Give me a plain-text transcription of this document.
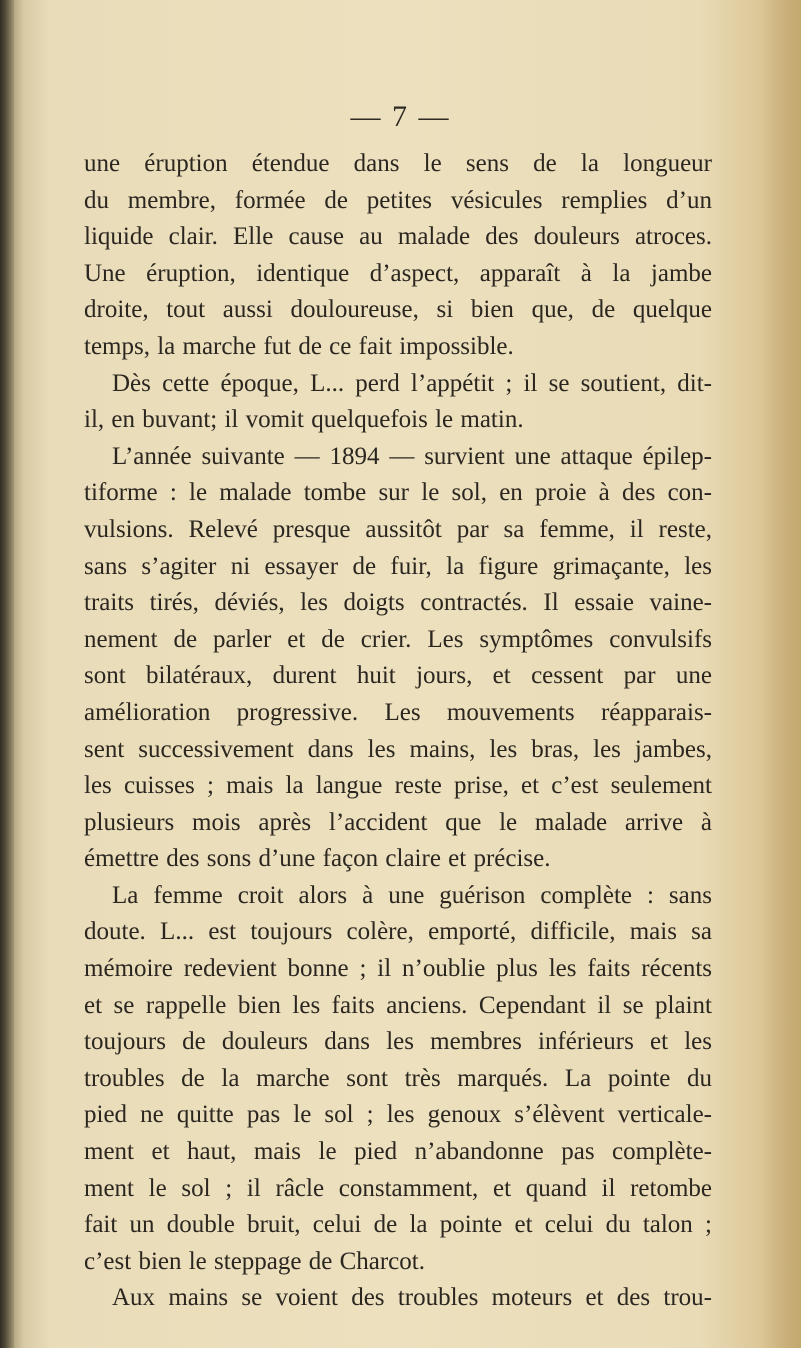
— 7 —
une éruption étendue dans le sens de la longueur
du membre, formée de petites vésicules remplies d’un
liquide clair. Elle cause au malade des douleurs atroces.
Une éruption, identique d’aspect, apparaît à la jambe
droite, tout aussi douloureuse, si bien que, de quelque
temps, la marche fut de ce fait impossible.
Dès cette époque, L... perd l’appétit ; il se soutient, dit-
il, en buvant; il vomit quelquefois le matin.
L’année suivante — 1894 — survient une attaque épilep-
tiforme : le malade tombe sur le sol, en proie à des con-
vulsions. Relevé presque aussitôt par sa femme, il reste,
sans s’agiter ni essayer de fuir, la figure grimaçante, les
traits tirés, déviés, les doigts contractés. Il essaie vaine-
nement de parler et de crier. Les symptômes convulsifs
sont bilatéraux, durent huit jours, et cessent par une
amélioration progressive. Les mouvements réapparais-
sent successivement dans les mains, les bras, les jambes,
les cuisses ; mais la langue reste prise, et c’est seulement
plusieurs mois après l’accident que le malade arrive à
émettre des sons d’une façon claire et précise.
La femme croit alors à une guérison complète : sans
doute. L... est toujours colère, emporté, difficile, mais sa
mémoire redevient bonne ; il n’oublie plus les faits récents
et se rappelle bien les faits anciens. Cependant il se plaint
toujours de douleurs dans les membres inférieurs et les
troubles de la marche sont très marqués. La pointe du
pied ne quitte pas le sol ; les genoux s’élèvent verticale-
ment et haut, mais le pied n’abandonne pas complète-
ment le sol ; il râcle constamment, et quand il retombe
fait un double bruit, celui de la pointe et celui du talon ;
c’est bien le steppage de Charcot.
Aux mains se voient des troubles moteurs et des trou-
